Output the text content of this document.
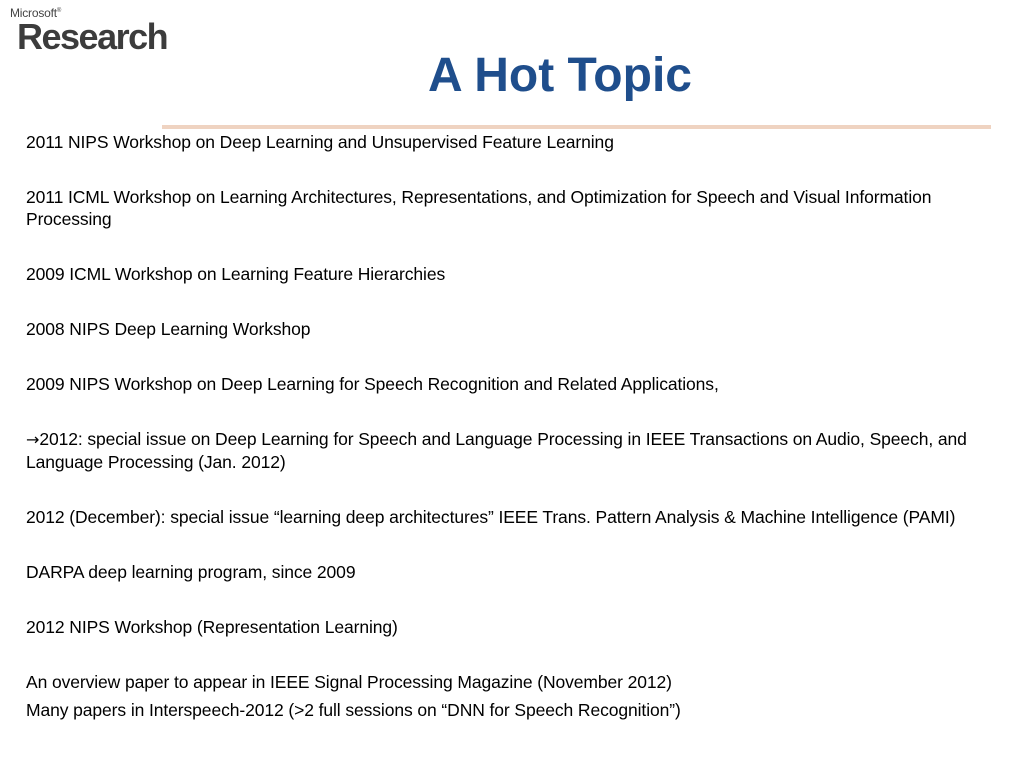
Microsoft®
Research
A Hot Topic
2011 NIPS Workshop on Deep Learning and Unsupervised Feature Learning
2011 ICML Workshop on Learning Architectures, Representations, and Optimization for Speech and Visual Information Processing
2009 ICML Workshop on Learning Feature Hierarchies
2008 NIPS Deep Learning Workshop
2009 NIPS Workshop on Deep Learning for Speech Recognition and Related Applications,
→2012: special issue on Deep Learning for Speech and Language Processing in IEEE Transactions on Audio, Speech, and Language Processing (Jan. 2012)
2012 (December): special issue “learning deep architectures” IEEE Trans. Pattern Analysis & Machine Intelligence (PAMI)
DARPA deep learning program, since 2009
2012 NIPS Workshop (Representation Learning)
An overview paper to appear in IEEE Signal Processing Magazine (November 2012)
Many papers in Interspeech-2012 (>2 full sessions on “DNN for Speech Recognition”)
